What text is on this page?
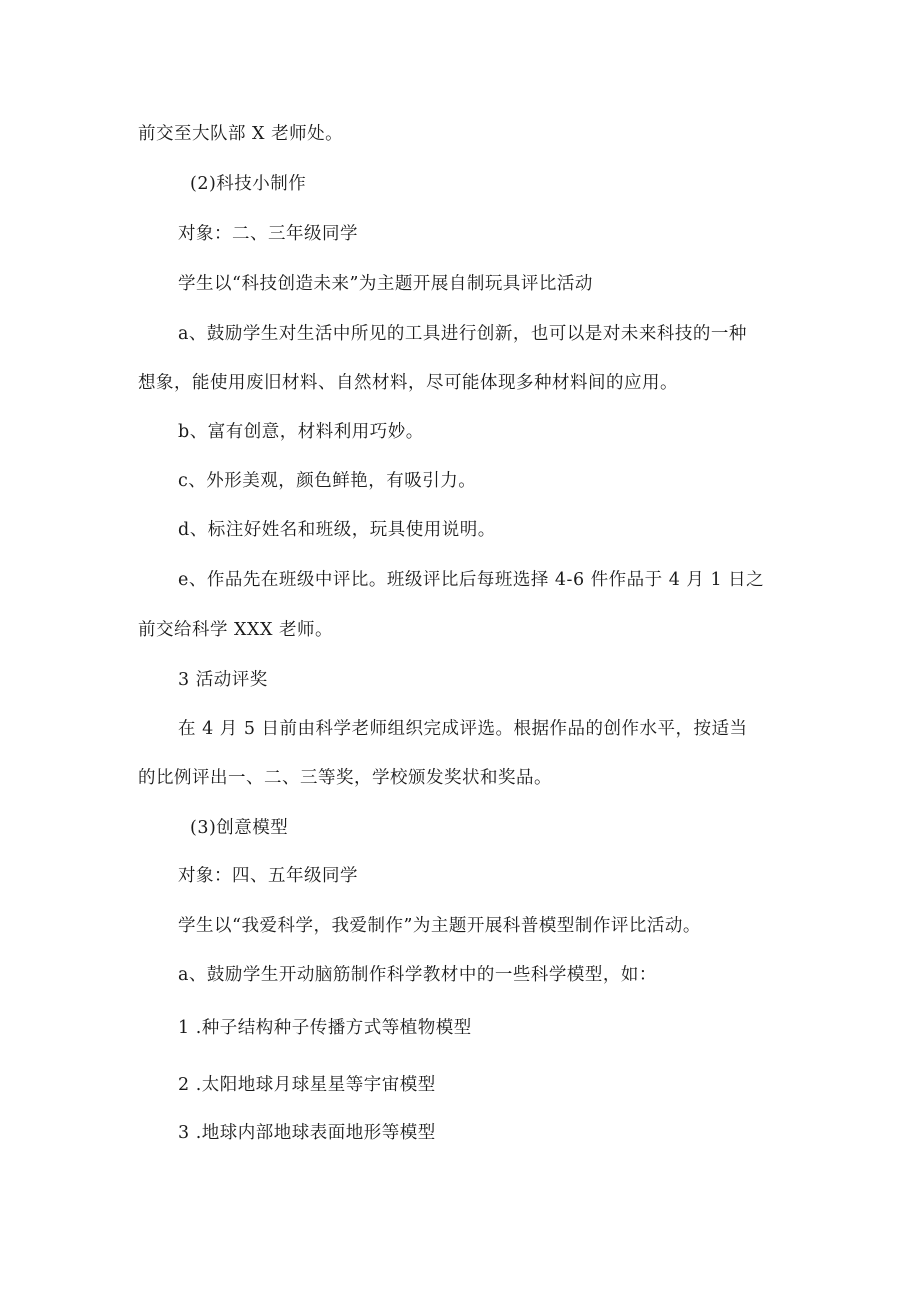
前交至大队部 X 老师处。
(2)科技小制作
对象：二、三年级同学
学生以“科技创造未来”为主题开展自制玩具评比活动
a、鼓励学生对生活中所见的工具进行创新，也可以是对未来科技的一种
想象，能使用废旧材料、自然材料，尽可能体现多种材料间的应用。
b、富有创意，材料利用巧妙。
c、外形美观，颜色鲜艳，有吸引力。
d、标注好姓名和班级，玩具使用说明。
e、作品先在班级中评比。班级评比后每班选择 4-6 件作品于 4 月 1 日之
前交给科学 XXX 老师。
3 活动评奖
在 4 月 5 日前由科学老师组织完成评选。根据作品的创作水平，按适当
的比例评出一、二、三等奖，学校颁发奖状和奖品。
(3)创意模型
对象：四、五年级同学
学生以“我爱科学，我爱制作”为主题开展科普模型制作评比活动。
a、鼓励学生开动脑筋制作科学教材中的一些科学模型，如：
1 .种子结构种子传播方式等植物模型
2 .太阳地球月球星星等宇宙模型
3 .地球内部地球表面地形等模型
